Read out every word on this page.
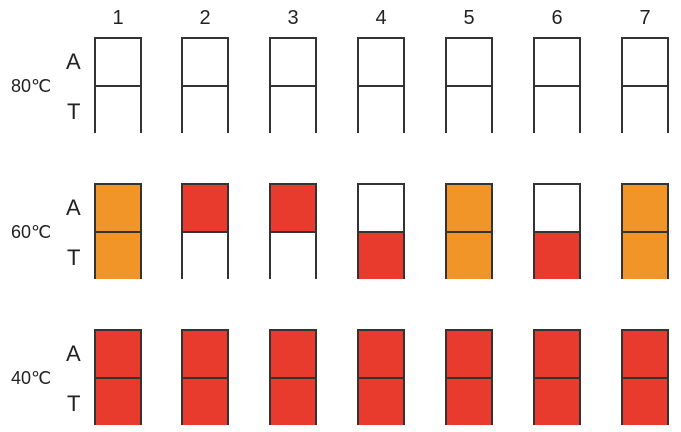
1	2	3	4	5	6	7
80℃
A
T
60℃
A
T
40℃
A
T
